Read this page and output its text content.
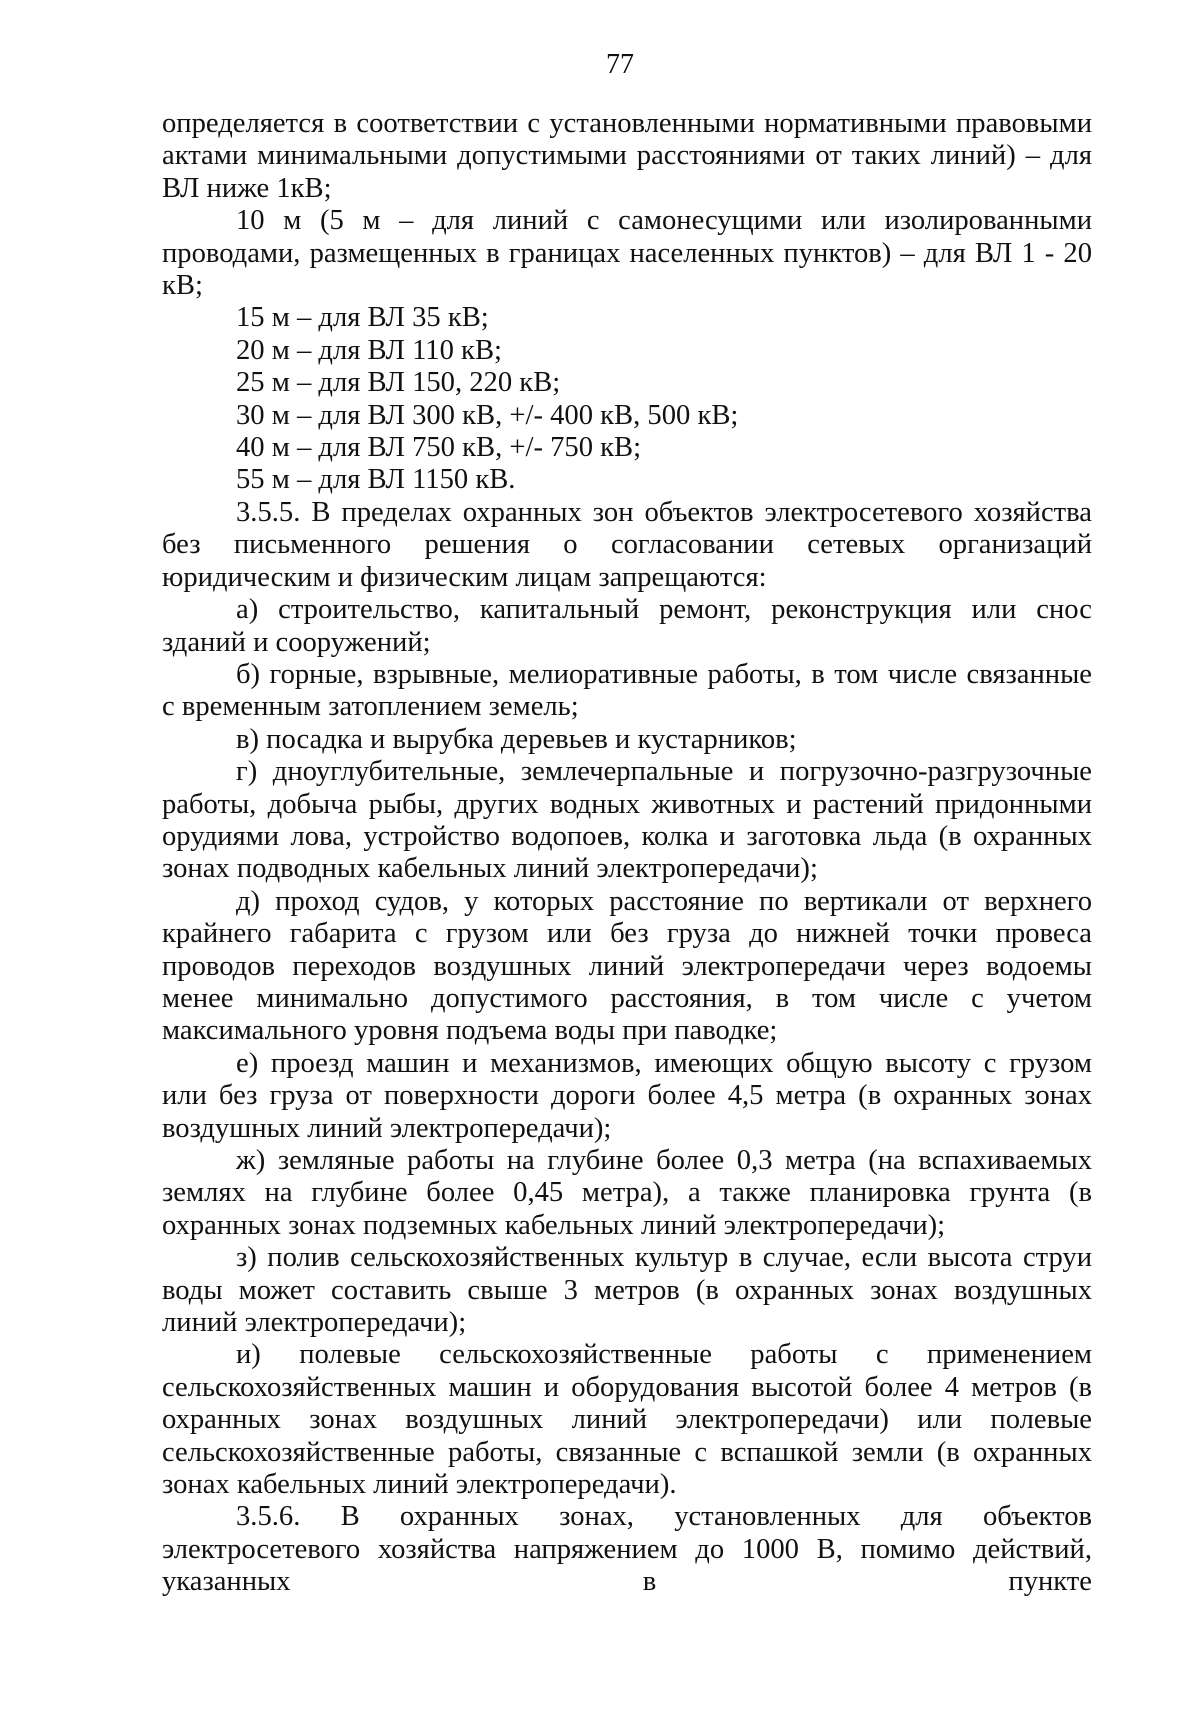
77

определяется в соответствии с установленными нормативными правовыми актами минимальными допустимыми расстояниями от таких линий) – для ВЛ ниже 1кВ;

10 м (5 м – для линий с самонесущими или изолированными проводами, размещенных в границах населенных пунктов) – для ВЛ 1 - 20 кВ;

15 м – для ВЛ 35 кВ;

20 м – для ВЛ 110 кВ;

25 м – для ВЛ 150, 220 кВ;

30 м – для ВЛ 300 кВ, +/- 400 кВ, 500 кВ;

40 м – для ВЛ 750 кВ, +/- 750 кВ;

55 м – для ВЛ 1150 кВ.

3.5.5. В пределах охранных зон объектов электросетевого хозяйства без письменного решения о согласовании сетевых организаций юридическим и физическим лицам запрещаются:

а) строительство, капитальный ремонт, реконструкция или снос зданий и сооружений;

б) горные, взрывные, мелиоративные работы, в том числе связанные с временным затоплением земель;

в) посадка и вырубка деревьев и кустарников;

г) дноуглубительные, землечерпальные и погрузочно-разгрузочные работы, добыча рыбы, других водных животных и растений придонными орудиями лова, устройство водопоев, колка и заготовка льда (в охранных зонах подводных кабельных линий электропередачи);

д) проход судов, у которых расстояние по вертикали от верхнего крайнего габарита с грузом или без груза до нижней точки провеса проводов переходов воздушных линий электропередачи через водоемы менее минимально допустимого расстояния, в том числе с учетом максимального уровня подъема воды при паводке;

е) проезд машин и механизмов, имеющих общую высоту с грузом или без груза от поверхности дороги более 4,5 метра (в охранных зонах воздушных линий электропередачи);

ж) земляные работы на глубине более 0,3 метра (на вспахиваемых землях на глубине более 0,45 метра), а также планировка грунта (в охранных зонах подземных кабельных линий электропередачи);

з) полив сельскохозяйственных культур в случае, если высота струи воды может составить свыше 3 метров (в охранных зонах воздушных линий электропередачи);

и) полевые сельскохозяйственные работы с применением сельскохозяйственных машин и оборудования высотой более 4 метров (в охранных зонах воздушных линий электропередачи) или полевые сельскохозяйственные работы, связанные с вспашкой земли (в охранных зонах кабельных линий электропередачи).

3.5.6. В охранных зонах, установленных для объектов электросетевого хозяйства напряжением до 1000 В, помимо действий, указанных в пункте
